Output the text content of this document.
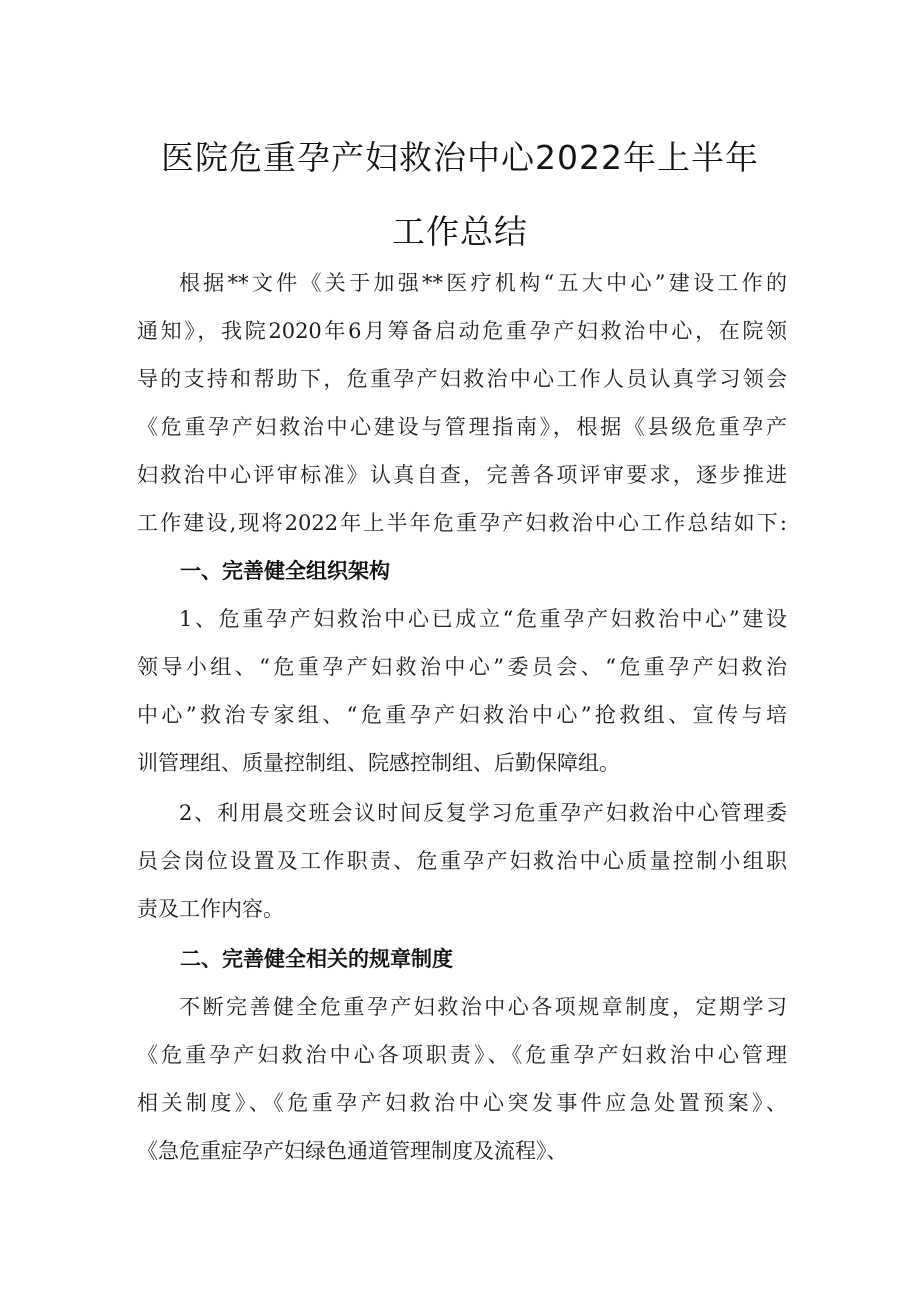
医院危重孕产妇救治中心2022年上半年
工作总结
根据**文件《关于加强**医疗机构“五大中心”建设工作的
通知》，我院2020年6月筹备启动危重孕产妇救治中心，在院领
导的支持和帮助下，危重孕产妇救治中心工作人员认真学习领会
《危重孕产妇救治中心建设与管理指南》，根据《县级危重孕产
妇救治中心评审标准》认真自查，完善各项评审要求，逐步推进
工作建设,现将2022年上半年危重孕产妇救治中心工作总结如下:
一、完善健全组织架构
1、危重孕产妇救治中心已成立“危重孕产妇救治中心”建设
领导小组、“危重孕产妇救治中心”委员会、“危重孕产妇救治
中心”救治专家组、“危重孕产妇救治中心”抢救组、宣传与培
训管理组、质量控制组、院感控制组、后勤保障组。
2、利用晨交班会议时间反复学习危重孕产妇救治中心管理委
员会岗位设置及工作职责、危重孕产妇救治中心质量控制小组职
责及工作内容。
二、完善健全相关的规章制度
不断完善健全危重孕产妇救治中心各项规章制度，定期学习
《危重孕产妇救治中心各项职责》、《危重孕产妇救治中心管理
相关制度》、《危重孕产妇救治中心突发事件应急处置预案》、
《急危重症孕产妇绿色通道管理制度及流程》、
